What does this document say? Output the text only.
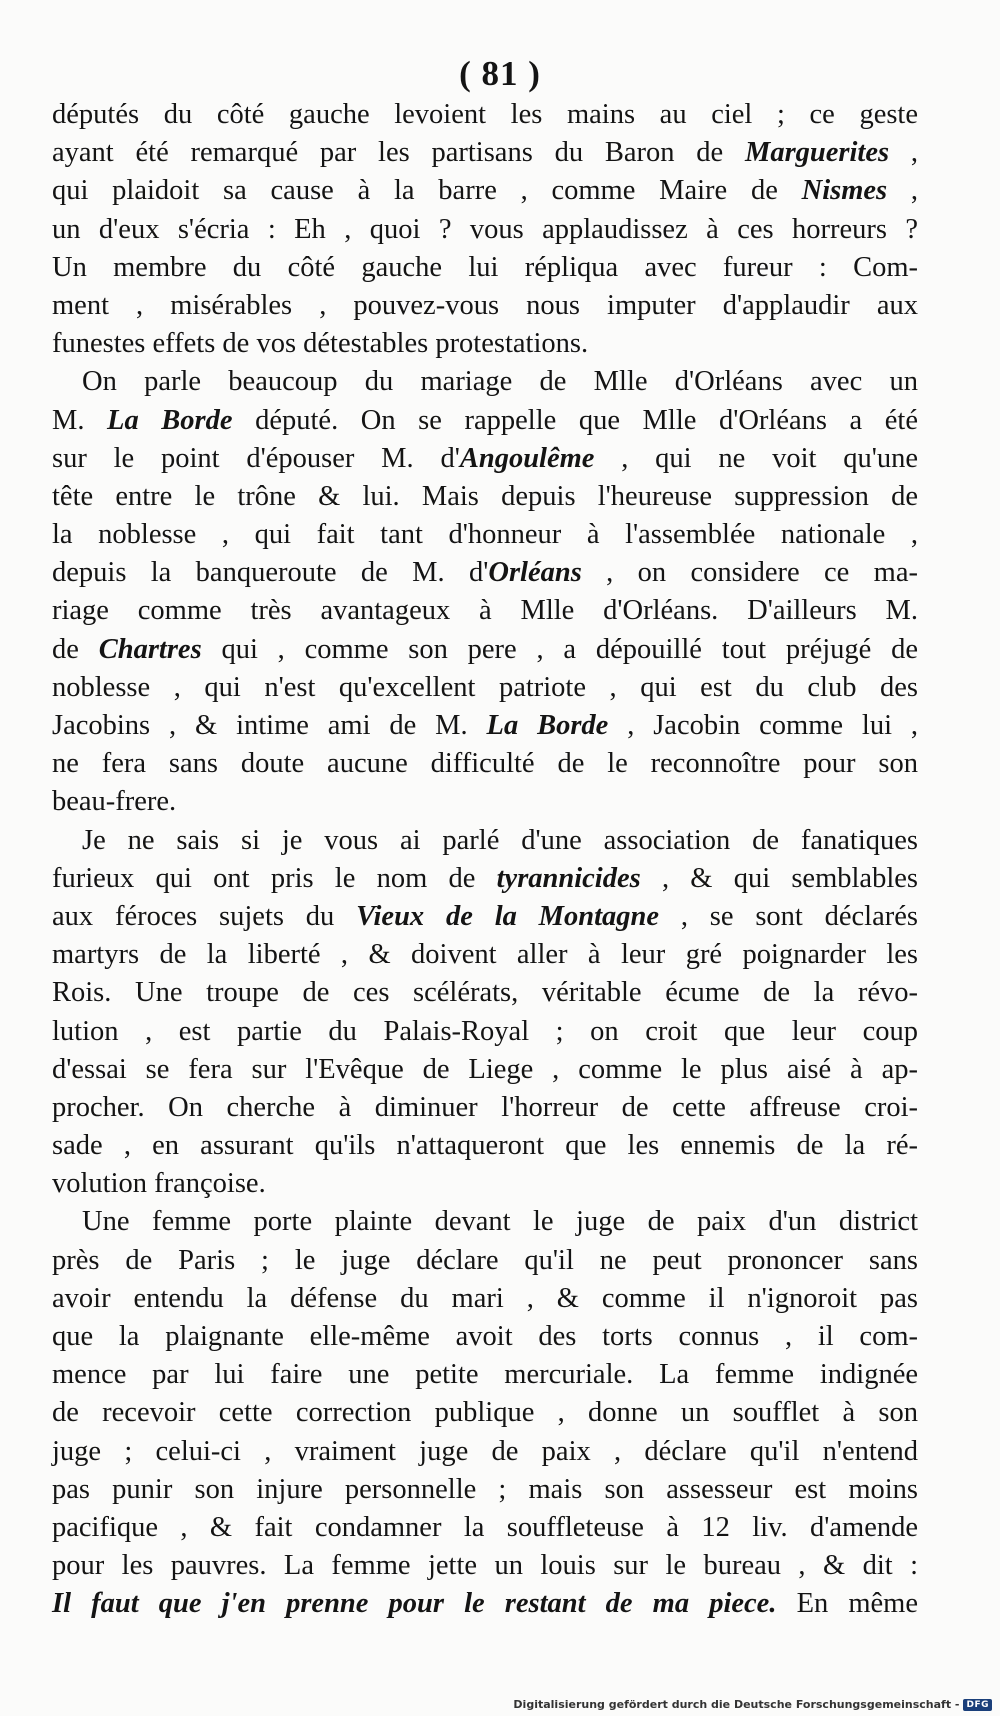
( 81 )
députés du côté gauche levoient les mains au ciel ; ce geste
ayant été remarqué par les partisans du Baron de Marguerites ,
qui plaidoit sa cause à la barre , comme Maire de Nismes ,
un d'eux s'écria : Eh , quoi ? vous applaudissez à ces horreurs ?
Un membre du côté gauche lui répliqua avec fureur : Com-
ment , misérables , pouvez-vous nous imputer d'applaudir aux
funestes effets de vos détestables protestations.
On parle beaucoup du mariage de Mlle d'Orléans avec un
M. La Borde député. On se rappelle que Mlle d'Orléans a été
sur le point d'épouser M. d'Angoulême , qui ne voit qu'une
tête entre le trône & lui. Mais depuis l'heureuse suppression de
la noblesse , qui fait tant d'honneur à l'assemblée nationale ,
depuis la banqueroute de M. d'Orléans , on considere ce ma-
riage comme très avantageux à Mlle d'Orléans. D'ailleurs M.
de Chartres qui , comme son pere , a dépouillé tout préjugé de
noblesse , qui n'est qu'excellent patriote , qui est du club des
Jacobins , & intime ami de M. La Borde , Jacobin comme lui ,
ne fera sans doute aucune difficulté de le reconnoître pour son
beau-frere.
Je ne sais si je vous ai parlé d'une association de fanatiques
furieux qui ont pris le nom de tyrannicides , & qui semblables
aux féroces sujets du Vieux de la Montagne , se sont déclarés
martyrs de la liberté , & doivent aller à leur gré poignarder les
Rois. Une troupe de ces scélérats, véritable écume de la révo-
lution , est partie du Palais-Royal ; on croit que leur coup
d'essai se fera sur l'Evêque de Liege , comme le plus aisé à ap-
procher. On cherche à diminuer l'horreur de cette affreuse croi-
sade , en assurant qu'ils n'attaqueront que les ennemis de la ré-
volution françoise.
Une femme porte plainte devant le juge de paix d'un district
près de Paris ; le juge déclare qu'il ne peut prononcer sans
avoir entendu la défense du mari , & comme il n'ignoroit pas
que la plaignante elle-même avoit des torts connus , il com-
mence par lui faire une petite mercuriale. La femme indignée
de recevoir cette correction publique , donne un soufflet à son
juge ; celui-ci , vraiment juge de paix , déclare qu'il n'entend
pas punir son injure personnelle ; mais son assesseur est moins
pacifique , & fait condamner la souffleteuse à 12 liv. d'amende
pour les pauvres. La femme jette un louis sur le bureau , & dit :
Il faut que j'en prenne pour le restant de ma piece. En même
Digitalisierung gefördert durch die Deutsche Forschungsgemeinschaft - DFG
